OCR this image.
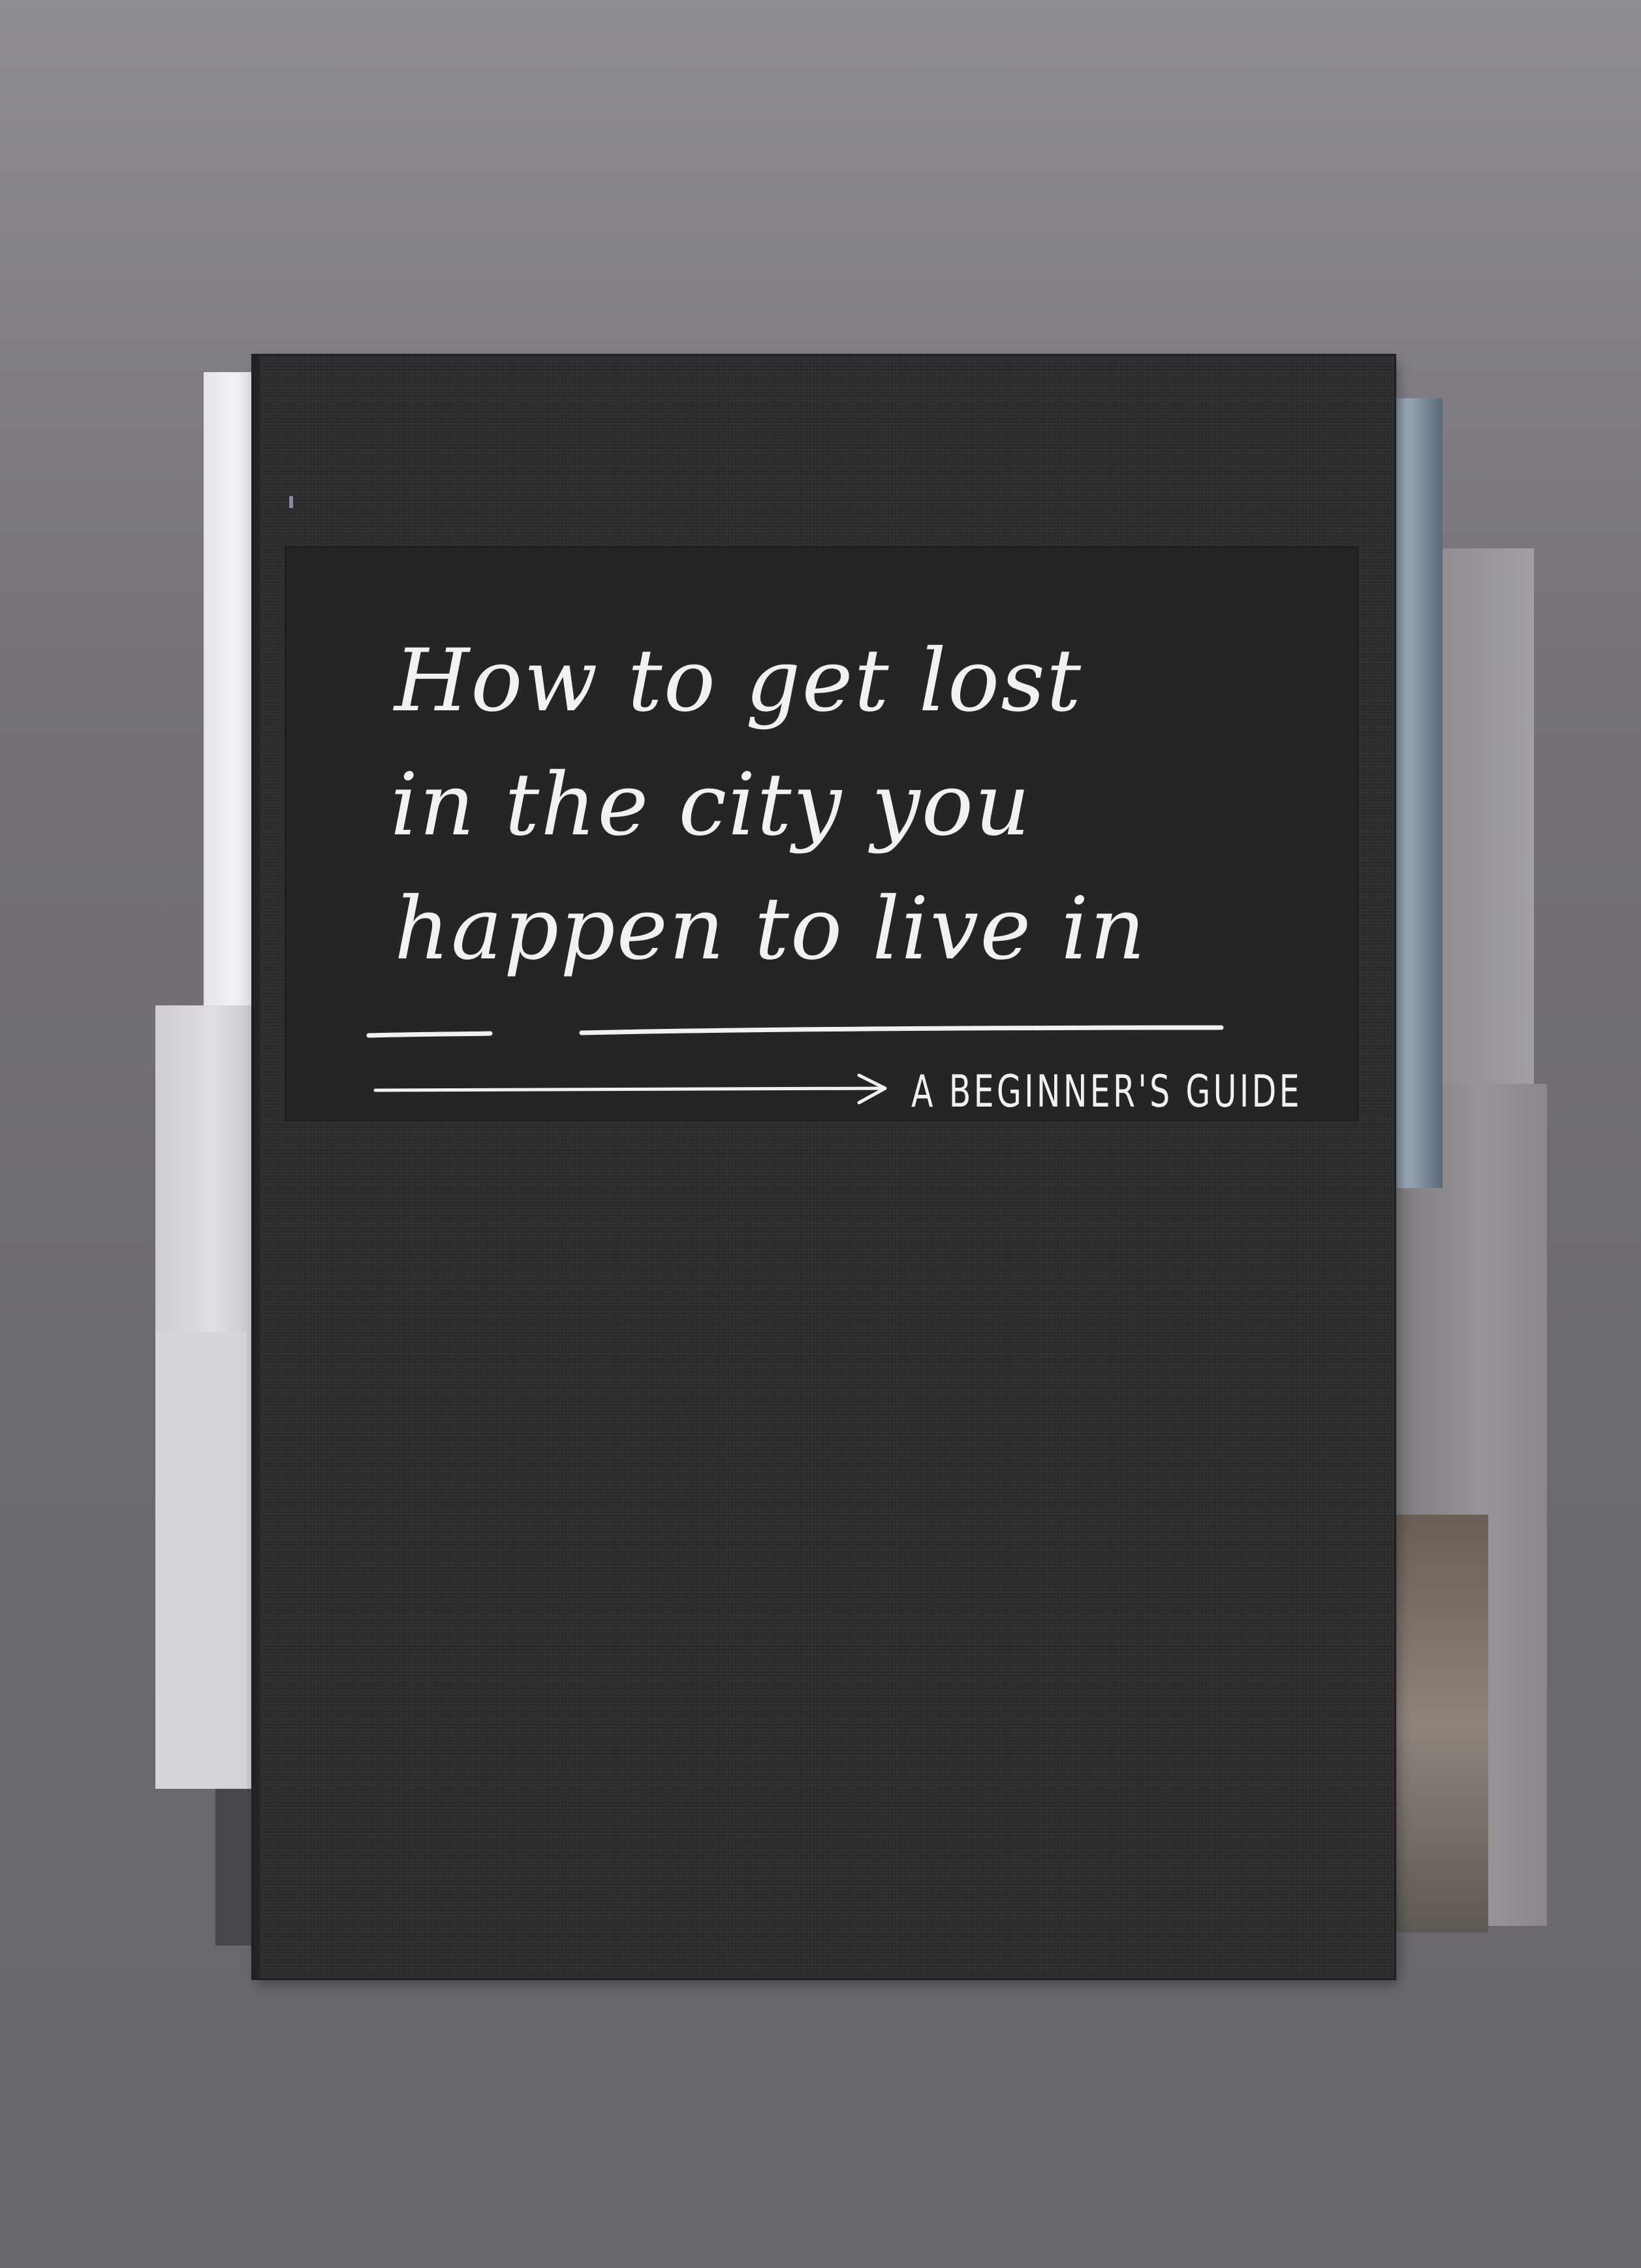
How to get lost
in the city you
happen to live in

A BEGINNER'S GUIDE
